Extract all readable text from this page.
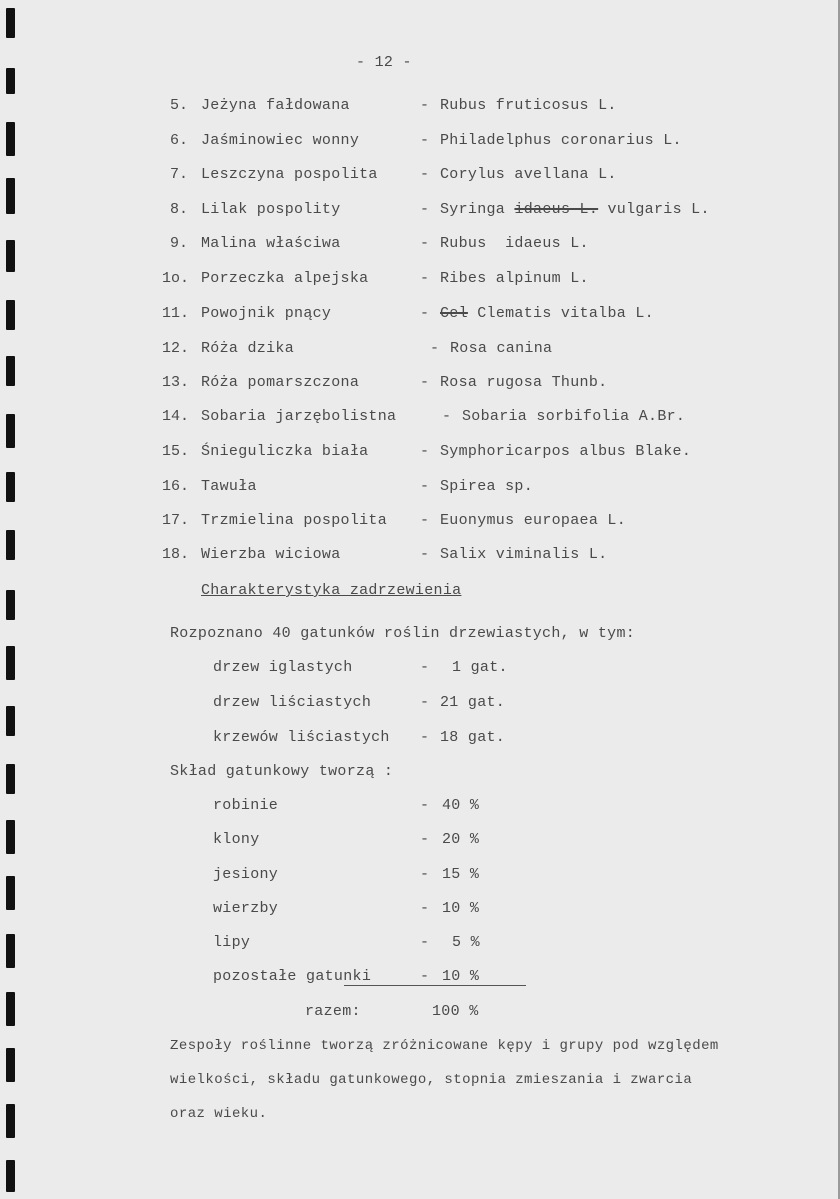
- 12 -
5. Jeżyna fałdowana	- Rubus fruticosus L.
6. Jaśminowiec wonny	- Philadelphus coronarius L.
7. Leszczyna pospolita	- Corylus avellana L.
8. Lilak pospolity	- Syringa idaeus L. vulgaris L.
9. Malina właściwa	- Rubus  idaeus L.
1o. Porzeczka alpejska	- Ribes alpinum L.
11. Powojnik pnący	- Cel Clematis vitalba L.
12. Róża dzika	- Rosa canina
13. Róża pomarszczona	- Rosa rugosa Thunb.
14. Sobaria jarzębolistna	- Sobaria sorbifolia A.Br.
15. Śnieguliczka biała	- Symphoricarpos albus Blake.
16. Tawuła	- Spirea sp.
17. Trzmielina pospolita - Euonymus europaea L.
18. Wierzba wiciowa	- Salix viminalis L.
Charakterystyka zadrzewienia
Rozpoznano 40 gatunków roślin drzewiastych, w tym:
drzew iglastych	- 1 gat.
drzew liściastych	- 21 gat.
krzewów liściastych - 18 gat.
Skład gatunkowy tworzą :
robinie	- 40 %
klony	- 20 %
jesiony	- 15 %
wierzby	- 10 %
lipy	- 5 %
pozostałe gatunki	- 10 %
razem:	100 %
Zespoły roślinne tworzą zróżnicowane kępy i grupy pod względem
wielkości, składu gatunkowego, stopnia zmieszania i zwarcia
oraz wieku.
